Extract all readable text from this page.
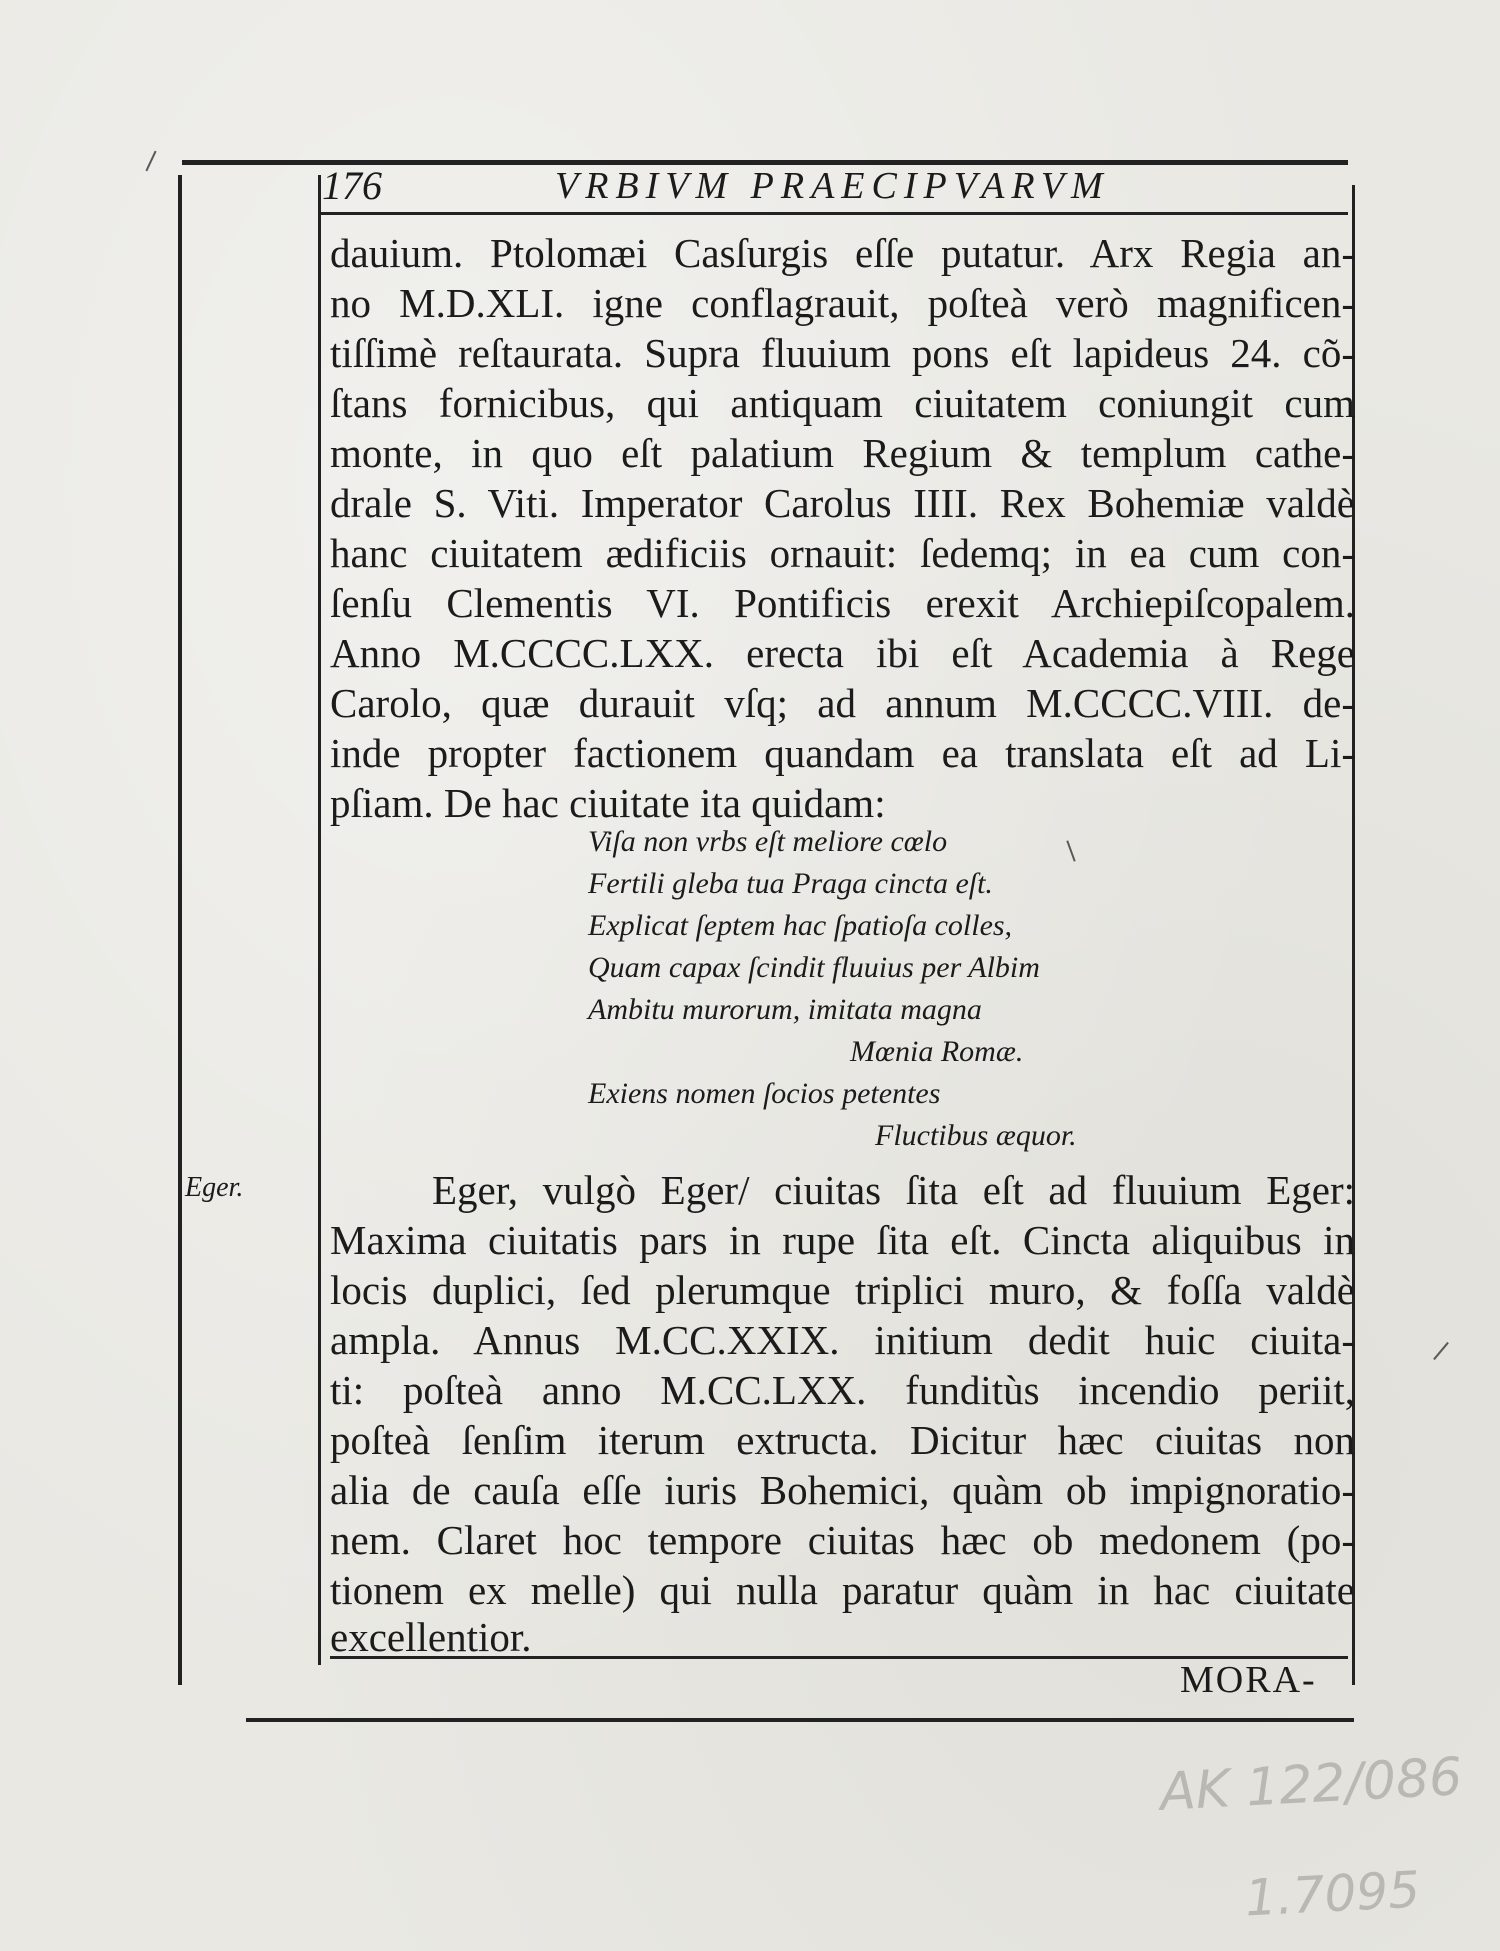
176	VRBIVM PRAECIPVARVM

dauium. Ptolomæi Casſurgis eſſe putatur. Arx Regia an-

no M.D.XLI. igne conflagrauit, poſteà verò magnificen-

tiſſimè reſtaurata. Supra fluuium pons eſt lapideus 24. cõ-

ſtans fornicibus, qui antiquam ciuitatem coniungit cum

monte, in quo eſt palatium Regium & templum cathe-

drale S. Viti. Imperator Carolus IIII. Rex Bohemiæ valdè

hanc ciuitatem ædificiis ornauit: ſedemq; in ea cum con-

ſenſu Clementis VI. Pontificis erexit Archiepiſcopalem.

Anno M.CCCC.LXX. erecta ibi eſt Academia à Rege

Carolo, quæ durauit vſq; ad annum M.CCCC.VIII. de-

inde propter factionem quandam ea translata eſt ad Li-

pſiam. De hac ciuitate ita quidam:

Viſa non vrbs eſt meliore cœlo

Fertili gleba tua Praga cincta eſt.

Explicat ſeptem hac ſpatioſa colles,

Quam capax ſcindit fluuius per Albim

Ambitu murorum, imitata magna

Mœnia Romæ.

Exiens nomen ſocios petentes

Fluctibus æquor.

Eger.	Eger, vulgò Eger/ ciuitas ſita eſt ad fluuium Eger:

Maxima ciuitatis pars in rupe ſita eſt. Cincta aliquibus in

locis duplici, ſed plerumque triplici muro, & foſſa valdè

ampla. Annus M.CC.XXIX. initium dedit huic ciuita-

ti: poſteà anno M.CC.LXX. funditùs incendio periit,

poſteà ſenſim iterum extructa. Dicitur hæc ciuitas non

alia de cauſa eſſe iuris Bohemici, quàm ob impignoratio-

nem. Claret hoc tempore ciuitas hæc ob medonem (po-

tionem ex melle) qui nulla paratur quàm in hac ciuitate

excellentior.

MORA-
AK 122/086
1.7095
